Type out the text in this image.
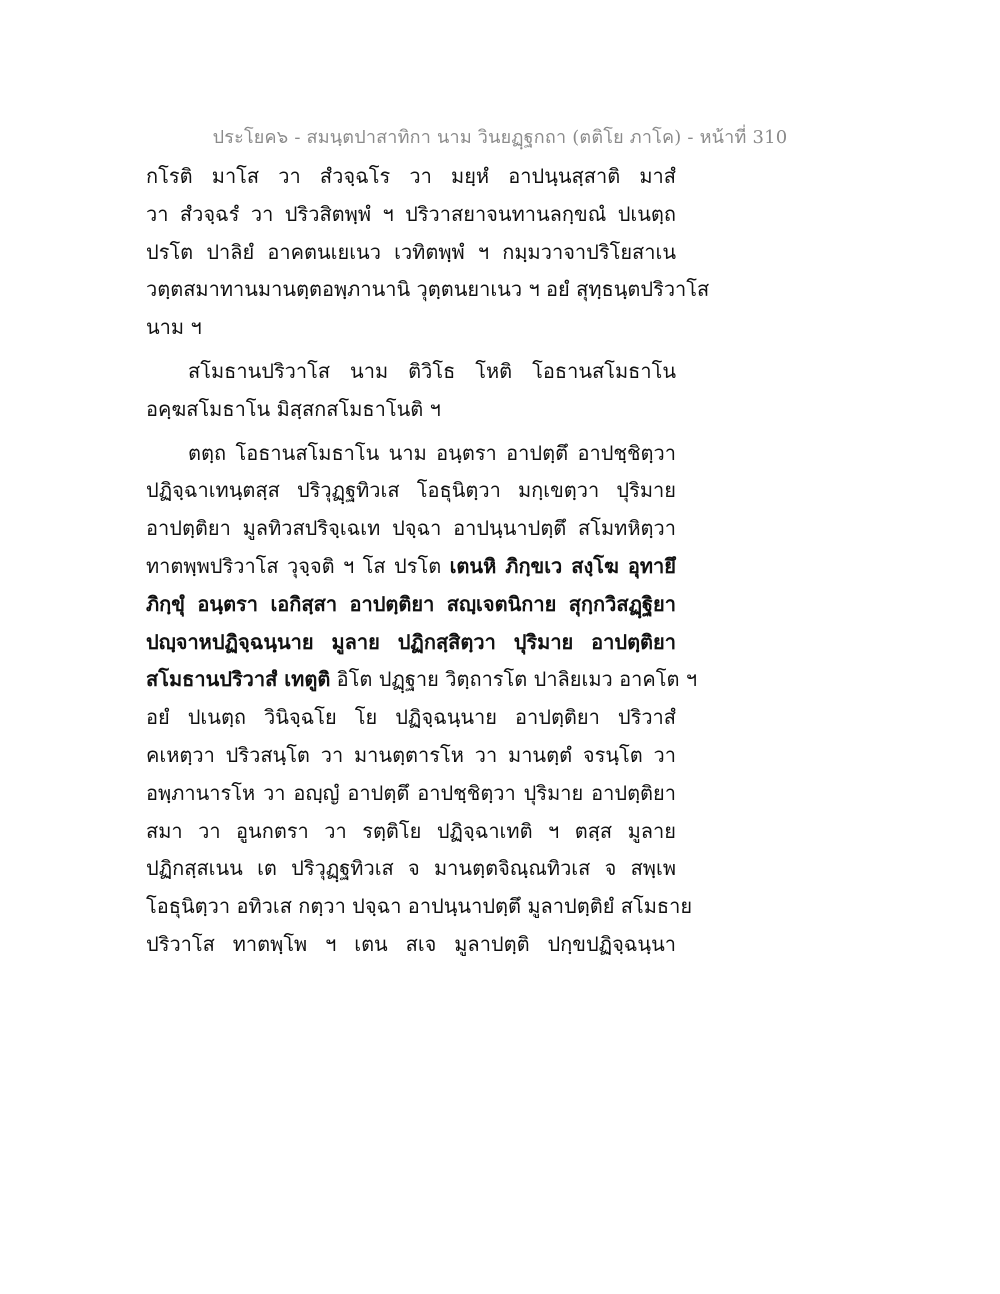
ประโยค๖ - สมนฺตปาสาทิกา นาม วินยฏฺฐกถา (ตติโย ภาโค) - หน้าที่ 310
กโรติ มาโส วา สํวจฺฉโร วา มยฺหํ อาปนฺนสฺสาติ มาสํ
วา สํวจฺฉรํ วา ปริวสิตพฺพํ ฯ ปริวาสยาจนทานลกฺขณํ ปเนตฺถ
ปรโต ปาลิยํ อาคตนเยเนว เวทิตพฺพํ ฯ กมฺมวาจาปริโยสาเน
วตฺตสมาทานมานตฺตอพฺภานานิ วุตฺตนยาเนว ฯ อยํ สุทฺธนฺตปริวาโส
นาม ฯ
สโมธานปริวาโส นาม ติวิโธ โหติ โอธานสโมธาโน
อคฺฆสโมธาโน มิสฺสกสโมธาโนติ ฯ
ตตฺถ โอธานสโมธาโน นาม อนฺตรา อาปตฺตึ อาปชฺชิตฺวา
ปฏิจฺฉาเทนฺตสฺส ปริวุฏฺฐทิวเส โอธุนิตฺวา มกฺเขตฺวา ปุริมาย
อาปตฺติยา มูลทิวสปริจฺเฉเท ปจฺฉา อาปนฺนาปตฺตึ สโมทหิตฺวา
ทาตพฺพปริวาโส วุจฺจติ ฯ โส ปรโต เตนหิ ภิกฺขเว สงฺโฆ อุทายึ
ภิกฺขุํ อนฺตรา เอกิสฺสา อาปตฺติยา สญฺเจตนิกาย สุกฺกวิสฏฺฐิยา
ปญฺจาหปฏิจฺฉนฺนาย มูลาย ปฏิกสฺสิตฺวา ปุริมาย อาปตฺติยา
สโมธานปริวาสํ เทตูติ อิโต ปฏฺฐาย วิตฺถารโต ปาลิยเมว อาคโต ฯ
อยํ ปเนตฺถ วินิจฺฉโย โย ปฏิจฺฉนฺนาย อาปตฺติยา ปริวาสํ
คเหตฺวา ปริวสนฺโต วา มานตฺตารโห วา มานตฺตํ จรนฺโต วา
อพฺภานารโห วา อญฺญํ อาปตฺตึ อาปชฺชิตฺวา ปุริมาย อาปตฺติยา
สมา วา อูนกตรา วา รตฺติโย ปฏิจฺฉาเทติ ฯ ตสฺส มูลาย
ปฏิกสฺสเนน เต ปริวุฏฺฐทิวเส จ มานตฺตจิณฺณทิวเส จ สพฺเพ
โอธุนิตฺวา อทิวเส กตฺวา ปจฺฉา อาปนฺนาปตฺตึ มูลาปตฺติยํ สโมธาย
ปริวาโส ทาตพฺโพ ฯ เตน สเจ มูลาปตฺติ ปกฺขปฏิจฺฉนฺนา
